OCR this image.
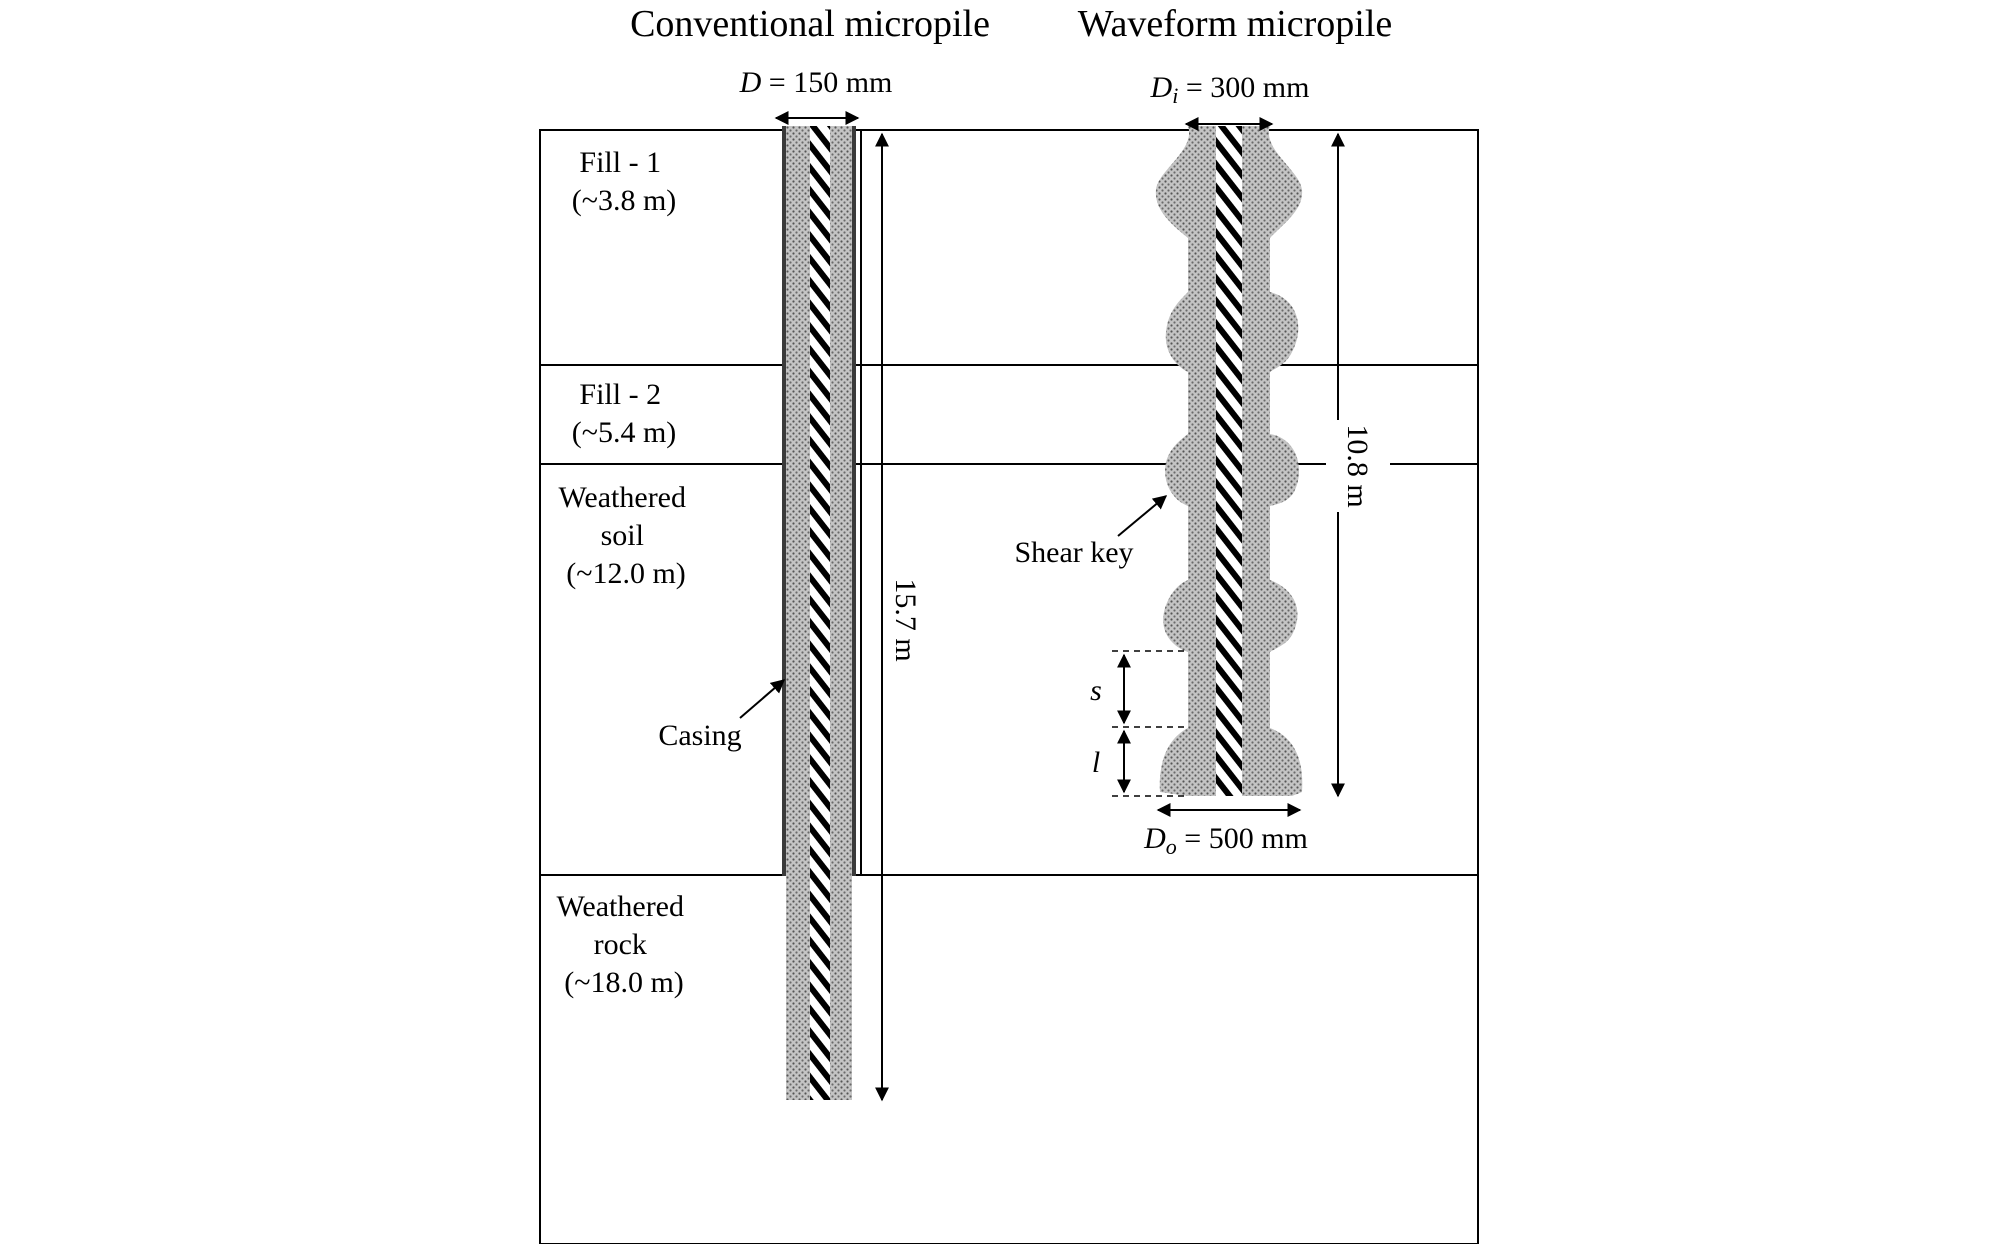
Conventional micropile Waveform micropile
Fill - 1 (~3.8 m)
Fill - 2 (~5.4 m)
Weathered soil (~12.0 m)
Weathered rock (~18.0 m)
D = 150 mm
15.7 m
Casing
$D_i = 300$ mm
10.8 m
Shear key
s
l
$D_o = 500$ mm
